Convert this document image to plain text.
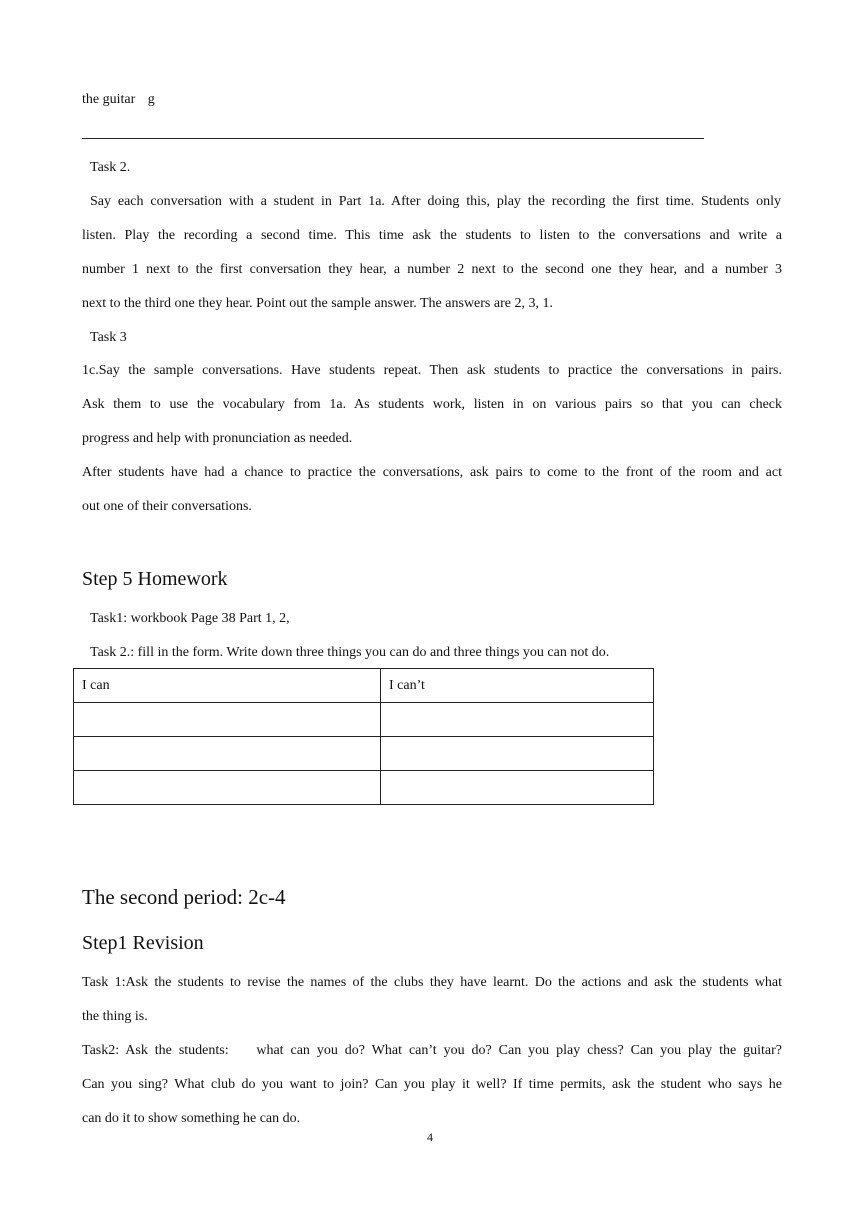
the guitar g
Task 2.
Say each conversation with a student in Part 1a. After doing this, play the recording the first time. Students only
listen. Play the recording a second time. This time ask the students to listen to the conversations and write a
number 1 next to the first conversation they hear, a number 2 next to the second one they hear, and a number 3
next to the third one they hear. Point out the sample answer. The answers are 2, 3, 1.
Task 3
1c.Say the sample conversations. Have students repeat. Then ask students to practice the conversations in pairs.
Ask them to use the vocabulary from 1a. As students work, listen in on various pairs so that you can check
progress and help with pronunciation as needed.
After students have had a chance to practice the conversations, ask pairs to come to the front of the room and act
out one of their conversations.
Step 5 Homework
Task1: workbook Page 38 Part 1, 2,
Task 2.: fill in the form. Write down three things you can do and three things you can not do.
I can	I can’t

The second period: 2c-4
Step1 Revision
Task 1:Ask the students to revise the names of the clubs they have learnt. Do the actions and ask the students what
the thing is.
Task2: Ask the students:    what can you do? What can’t you do? Can you play chess? Can you play the guitar?
Can you sing? What club do you want to join? Can you play it well? If time permits, ask the student who says he
can do it to show something he can do.
4
